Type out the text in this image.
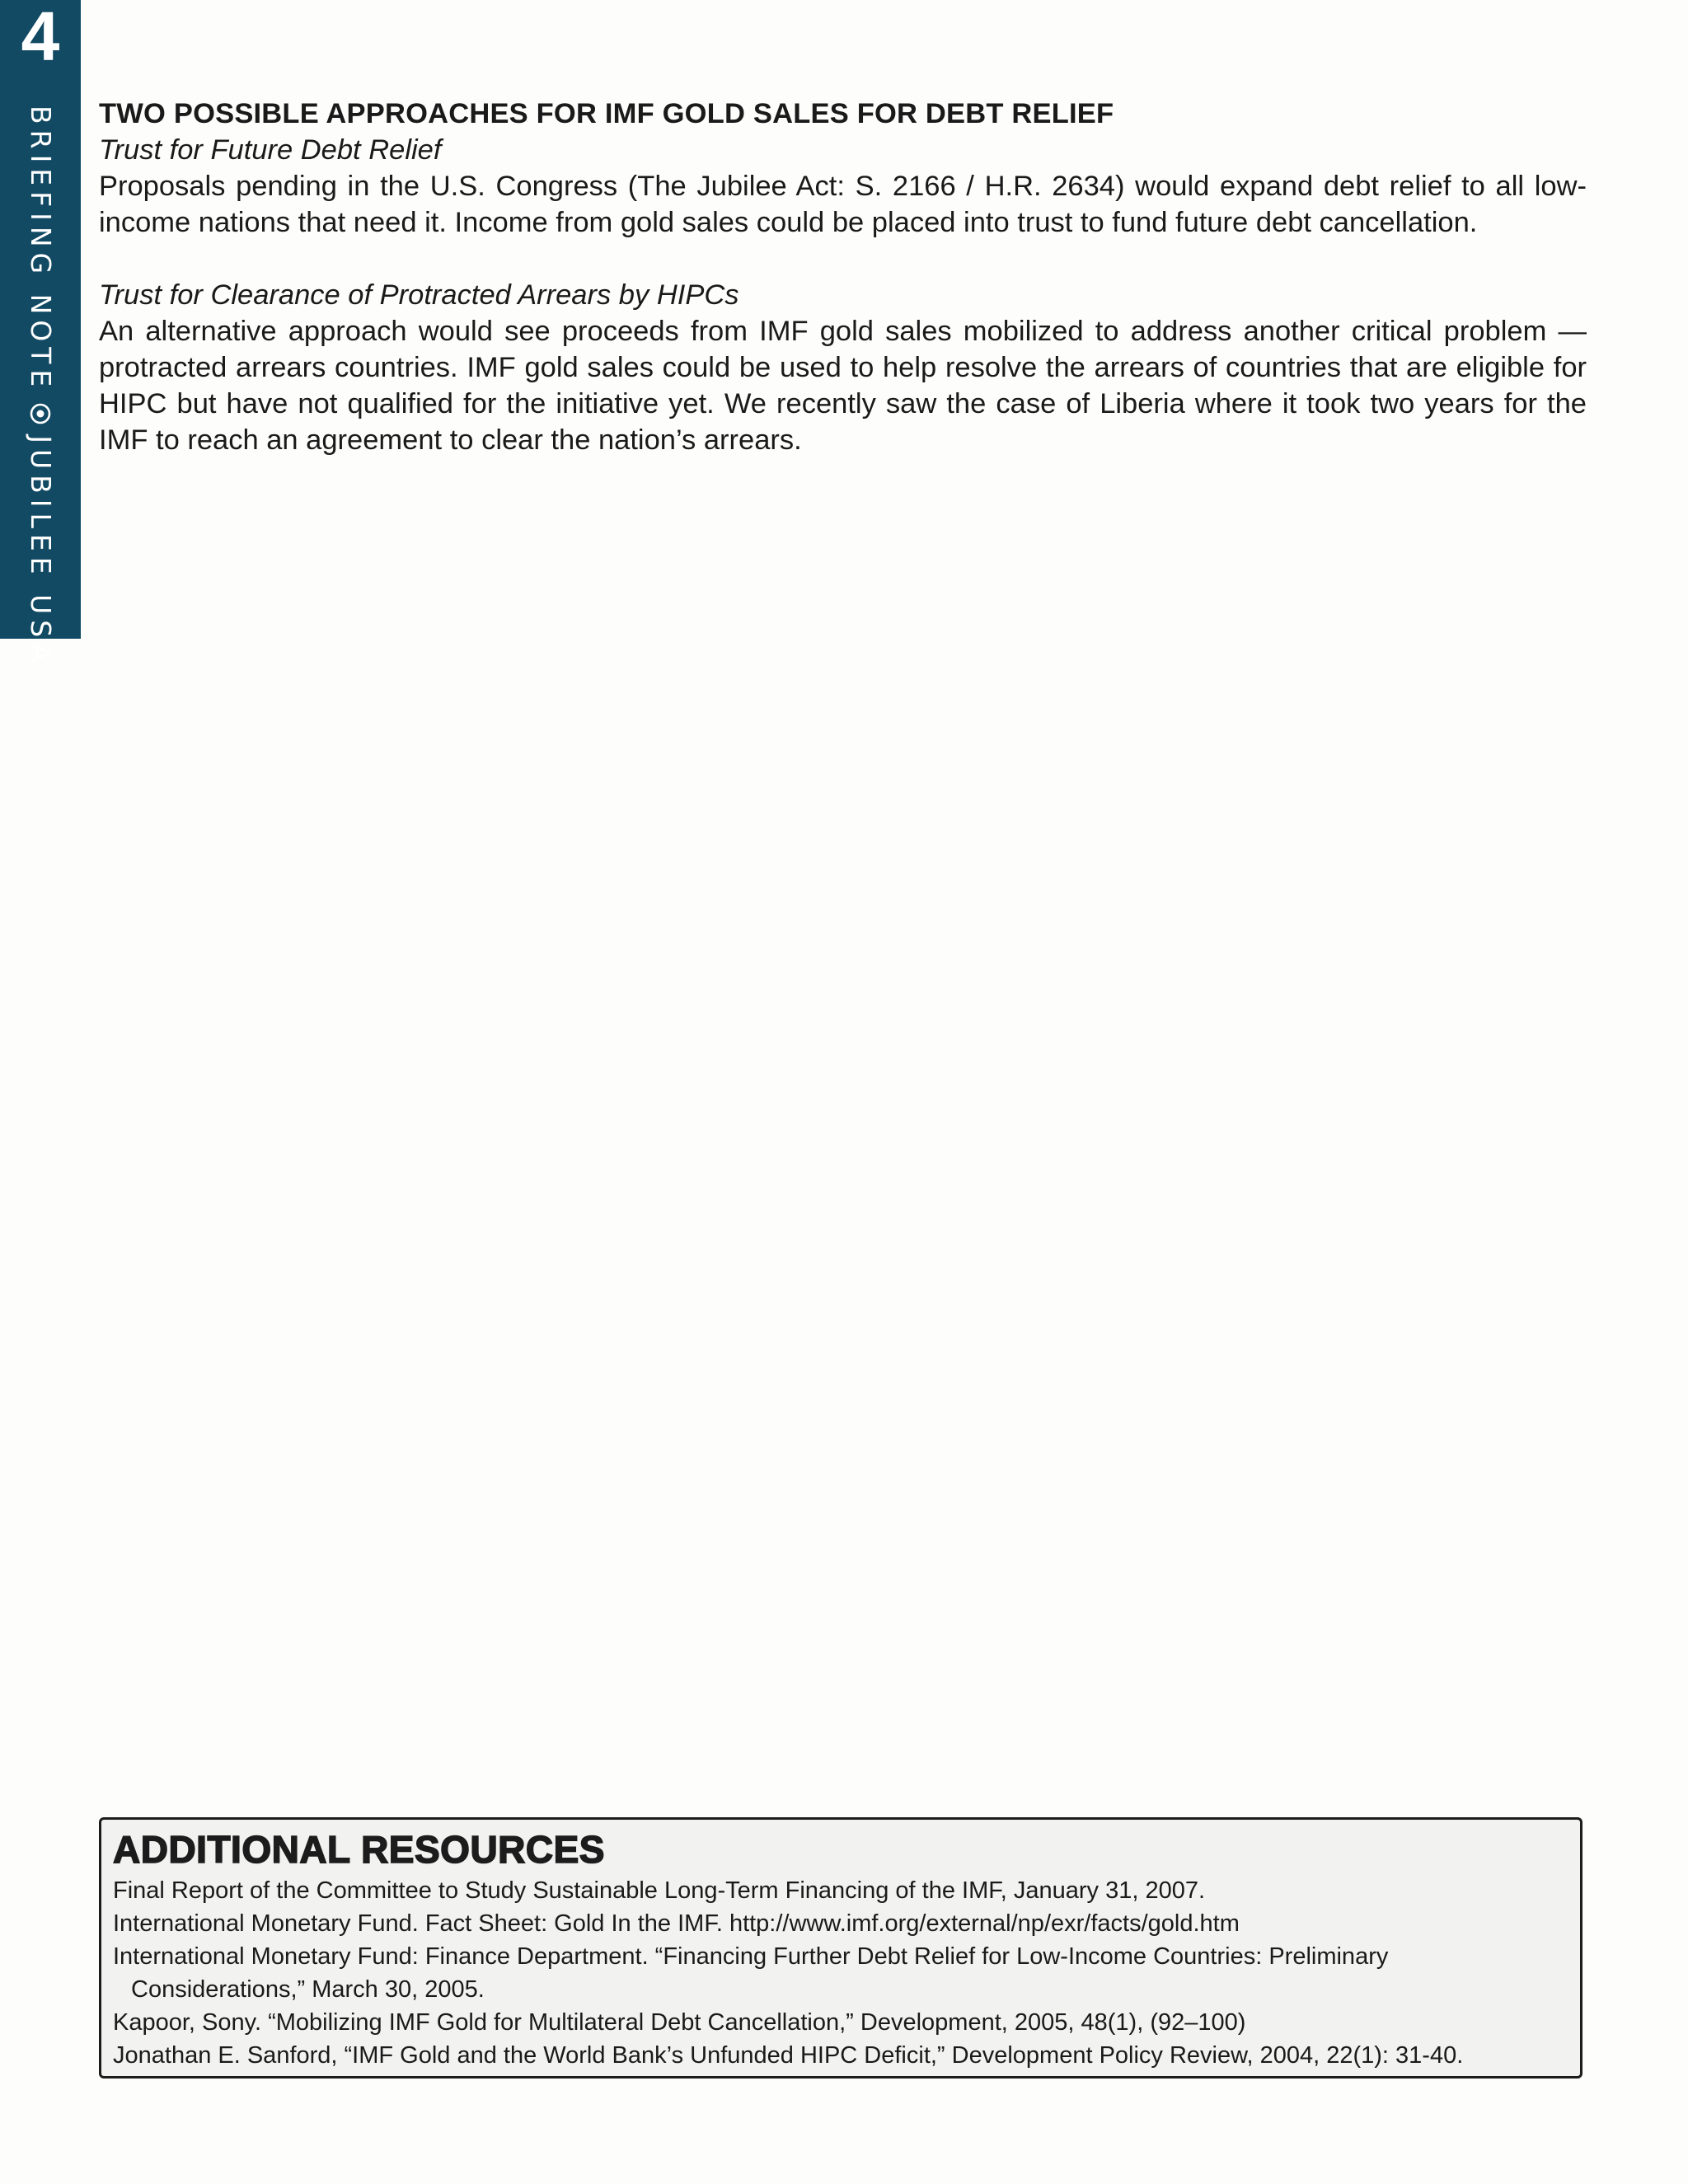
4
BRIEFING NOTE
JUBILEE USA
TWO POSSIBLE APPROACHES FOR IMF GOLD SALES FOR DEBT RELIEF

Trust for Future Debt Relief

Proposals pending in the U.S. Congress (The Jubilee Act: S. 2166 / H.R. 2634) would expand debt relief to all low-income nations that need it. Income from gold sales could be placed into trust to fund future debt cancellation.

Trust for Clearance of Protracted Arrears by HIPCs

An alternative approach would see proceeds from IMF gold sales mobilized to address another critical problem — protracted arrears countries. IMF gold sales could be used to help resolve the arrears of countries that are eligible for HIPC but have not qualified for the initiative yet. We recently saw the case of Liberia where it took two years for the IMF to reach an agreement to clear the nation’s arrears.

ADDITIONAL RESOURCES
Final Report of the Committee to Study Sustainable Long-Term Financing of the IMF, January 31, 2007.
International Monetary Fund. Fact Sheet: Gold In the IMF. http://www.imf.org/external/np/exr/facts/gold.htm
International Monetary Fund: Finance Department. “Financing Further Debt Relief for Low-Income Countries: Preliminary Considerations,” March 30, 2005.
Kapoor, Sony. “Mobilizing IMF Gold for Multilateral Debt Cancellation,” Development, 2005, 48(1), (92–100)
Jonathan E. Sanford, “IMF Gold and the World Bank’s Unfunded HIPC Deficit,” Development Policy Review, 2004, 22(1): 31-40.
